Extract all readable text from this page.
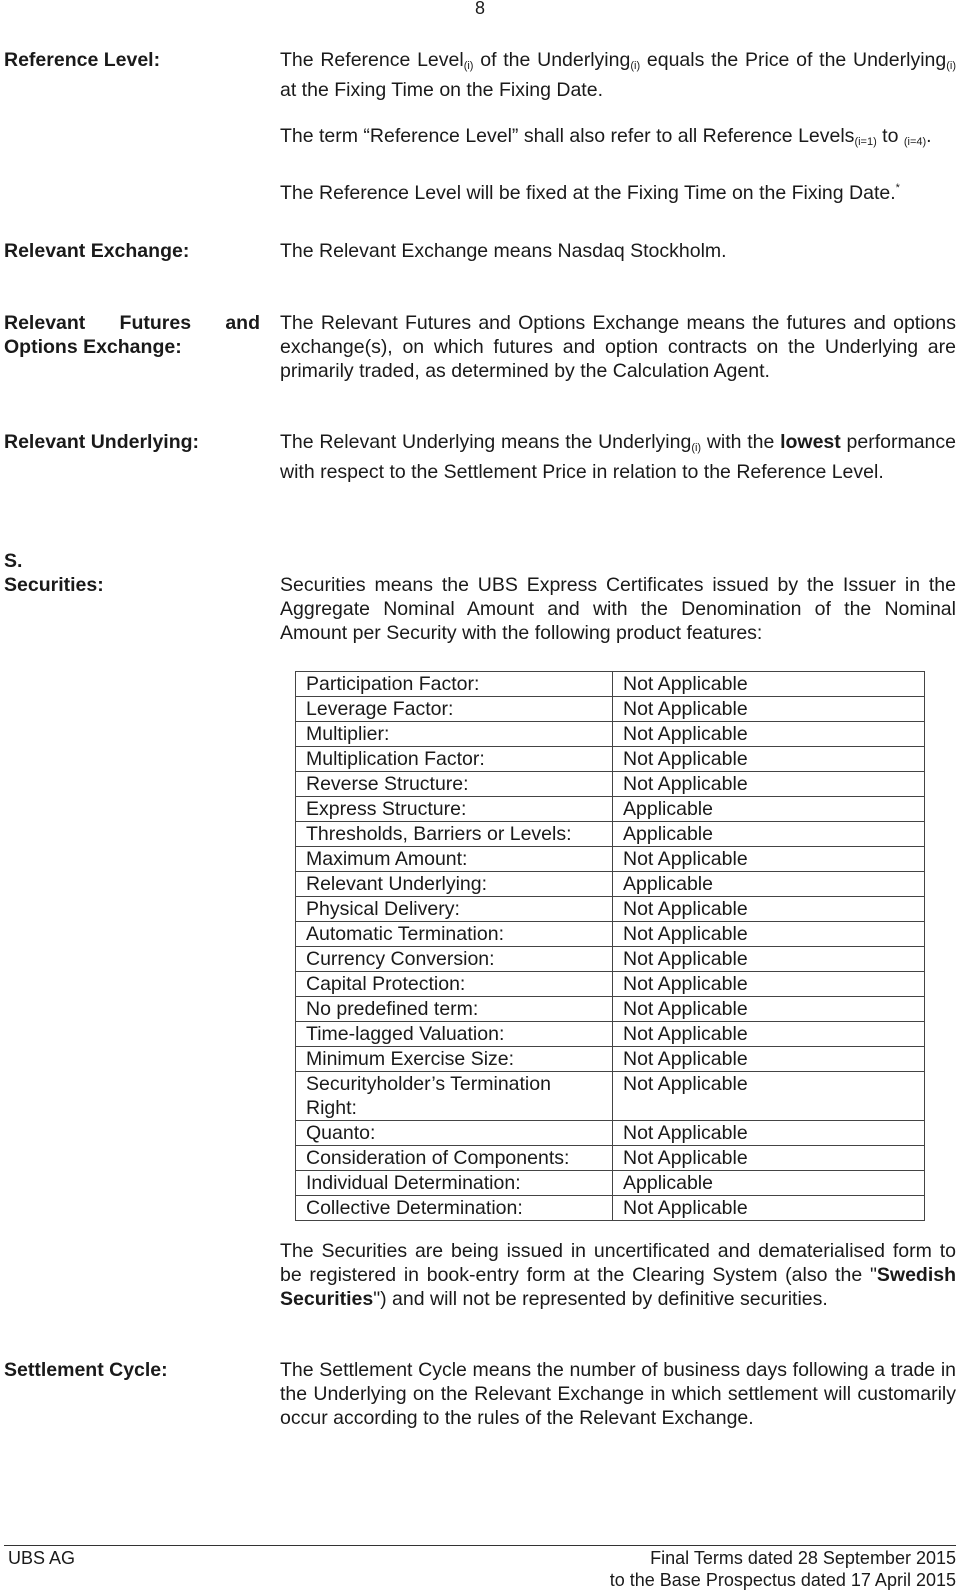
8
Reference Level:	The Reference Level$_{(i)}$ of the Underlying$_{(i)}$ equals the Price of the Underlying$_{(i)}$ at the Fixing Time on the Fixing Date.

The term “Reference Level” shall also refer to all Reference Levels$_{(i=1)}$ to $_{(i=4)}$.

The Reference Level will be fixed at the Fixing Time on the Fixing Date.*

Relevant Exchange:	The Relevant Exchange means Nasdaq Stockholm.
Relevant Futures and
Options Exchange:
The Relevant Futures and Options Exchange means the futures and options exchange(s), on which futures and option contracts on the Underlying are primarily traded, as determined by the Calculation Agent.
Relevant Underlying:	The Relevant Underlying means the Underlying$_{(i)}$ with the lowest performance with respect to the Settlement Price in relation to the Reference Level.
S.
Securities:	Securities means the UBS Express Certificates issued by the Issuer in the Aggregate Nominal Amount and with the Denomination of the Nominal Amount per Security with the following product features:
Participation Factor:	Not Applicable
Leverage Factor:	Not Applicable
Multiplier:	Not Applicable
Multiplication Factor:	Not Applicable
Reverse Structure:	Not Applicable
Express Structure:	Applicable
Thresholds, Barriers or Levels:	Applicable
Maximum Amount:	Not Applicable
Relevant Underlying:	Applicable
Physical Delivery:	Not Applicable
Automatic Termination:	Not Applicable
Currency Conversion:	Not Applicable
Capital Protection:	Not Applicable
No predefined term:	Not Applicable
Time-lagged Valuation:	Not Applicable
Minimum Exercise Size:	Not Applicable
Securityholder’s Termination Right:	Not Applicable
Quanto:	Not Applicable
Consideration of Components:	Not Applicable
Individual Determination:	Applicable
Collective Determination:	Not Applicable
The Securities are being issued in uncertificated and dematerialised form to be registered in book-entry form at the Clearing System (also the "Swedish Securities") and will not be represented by definitive securities.
Settlement Cycle:	The Settlement Cycle means the number of business days following a trade in the Underlying on the Relevant Exchange in which settlement will customarily occur according to the rules of the Relevant Exchange.
UBS AG	Final Terms dated 28 September 2015
to the Base Prospectus dated 17 April 2015
